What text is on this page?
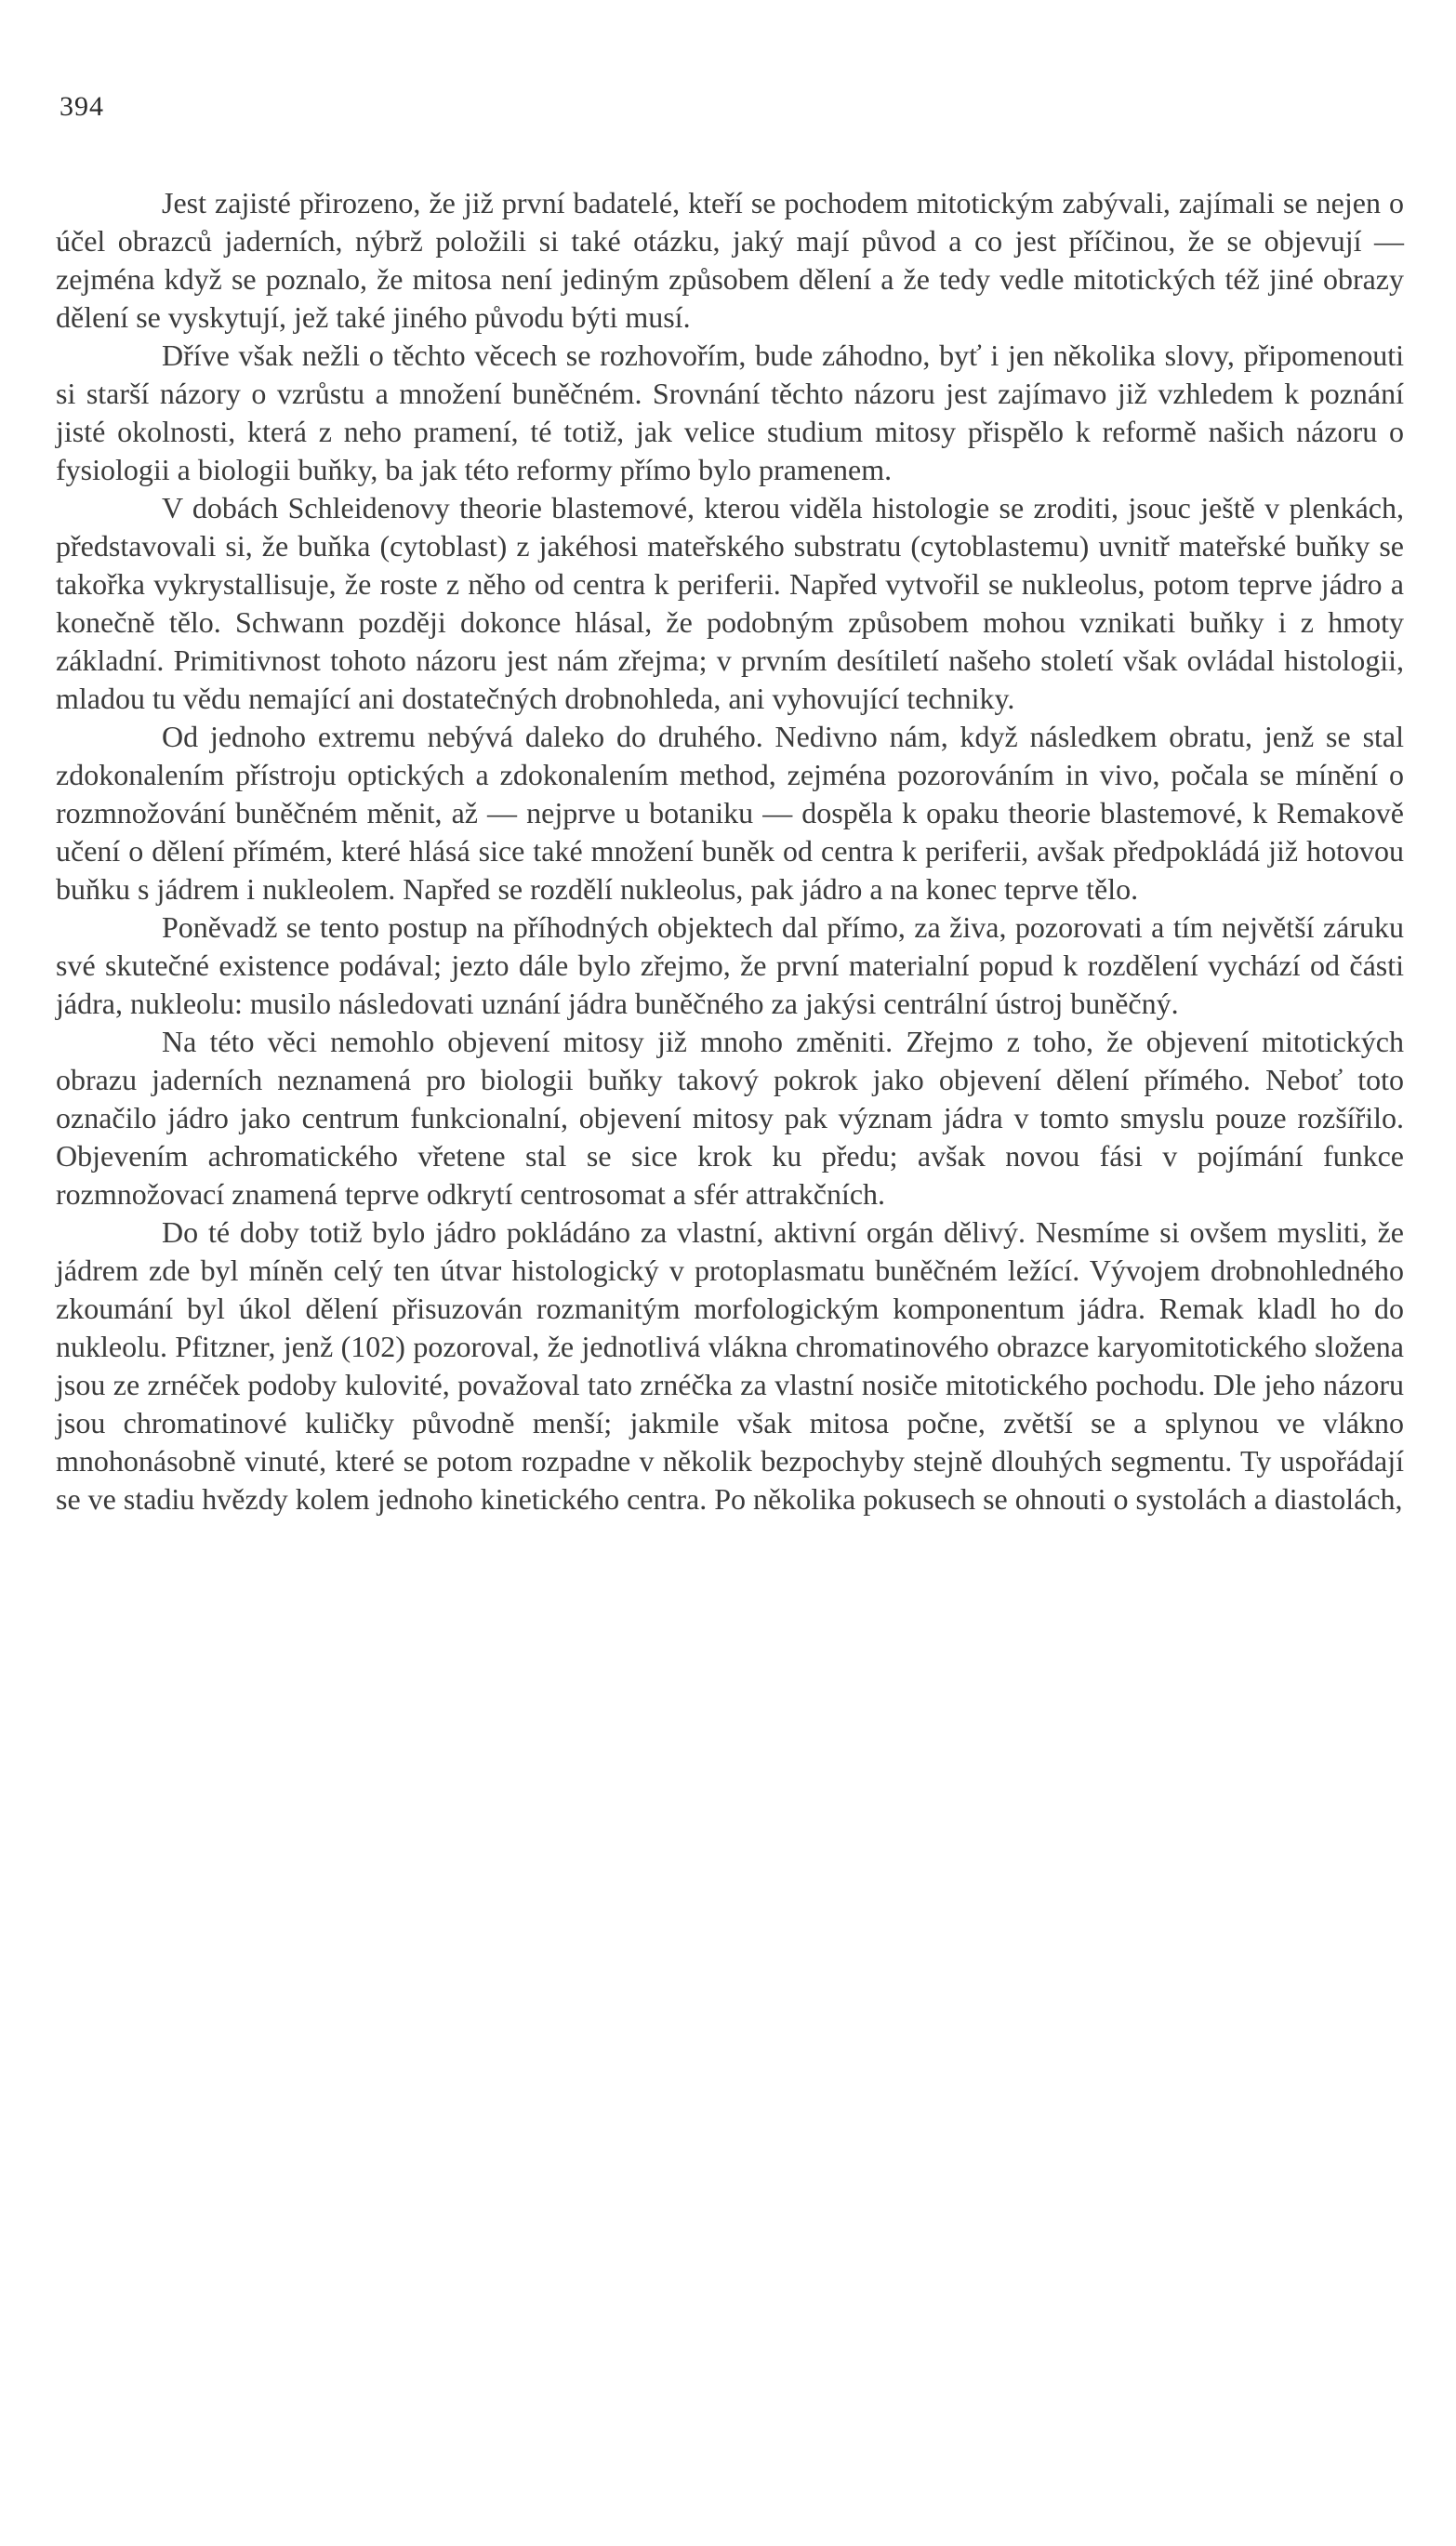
394

Jest zajisté přirozeno, že již první badatelé, kteří se pochodem mitotickým zabývali, zajímali se nejen o účel obrazců jaderních, nýbrž položili si také otázku, jaký mají původ a co jest příčinou, že se objevují — zejména když se poznalo, že mitosa není jediným způsobem dělení a že tedy vedle mitotických též jiné obrazy dělení se vyskytují, jež také jiného původu býti musí.

Dříve však nežli o těchto věcech se rozhovořím, bude záhodno, byť i jen několika slovy, připomenouti si starší názory o vzrůstu a množení buněčném. Srovnání těchto názoru jest zajímavo již vzhledem k poznání jisté okolnosti, která z neho pramení, té totiž, jak velice studium mitosy přispělo k reformě našich názoru o fysiologii a biologii buňky, ba jak této reformy přímo bylo pramenem.

V dobách Schleidenovy theorie blastemové, kterou viděla histologie se zroditi, jsouc ještě v plenkách, představovali si, že buňka (cytoblast) z jakéhosi mateřského substratu (cytoblastemu) uvnitř mateřské buňky se takořka vykrystallisuje, že roste z něho od centra k periferii. Napřed vytvořil se nukleolus, potom teprve jádro a konečně tělo. Schwann později dokonce hlásal, že podobným způsobem mohou vznikati buňky i z hmoty základní. Primitivnost tohoto názoru jest nám zřejma; v prvním desítiletí našeho století však ovládal histologii, mladou tu vědu nemající ani dostatečných drobnohleda, ani vyhovující techniky.

Od jednoho extremu nebývá daleko do druhého. Nedivno nám, když následkem obratu, jenž se stal zdokonalením přístroju optických a zdokonalením method, zejména pozorováním in vivo, počala se mínění o rozmnožování buněčném měnit, až — nejprve u botaniku — dospěla k opaku theorie blastemové, k Remakově učení o dělení přímém, které hlásá sice také množení buněk od centra k periferii, avšak předpokládá již hotovou buňku s jádrem i nukleolem. Napřed se rozdělí nukleolus, pak jádro a na konec teprve tělo.

Poněvadž se tento postup na příhodných objektech dal přímo, za živa, pozorovati a tím největší záruku své skutečné existence podával; jezto dále bylo zřejmo, že první materialní popud k rozdělení vychází od části jádra, nukleolu: musilo následovati uznání jádra buněčného za jakýsi centrální ústroj buněčný.

Na této věci nemohlo objevení mitosy již mnoho změniti. Zřejmo z toho, že objevení mitotických obrazu jaderních neznamená pro biologii buňky takový pokrok jako objevení dělení přímého. Neboť toto označilo jádro jako centrum funkcionalní, objevení mitosy pak význam jádra v tomto smyslu pouze rozšířilo. Objevením achromatického vřetene stal se sice krok ku předu; avšak novou fási v pojímání funkce rozmnožovací znamená teprve odkrytí centrosomat a sfér attrakčních.

Do té doby totiž bylo jádro pokládáno za vlastní, aktivní orgán dělivý. Nesmíme si ovšem mysliti, že jádrem zde byl míněn celý ten útvar histologický v protoplasmatu buněčném ležící. Vývojem drobnohledného zkoumání byl úkol dělení přisuzován rozmanitým morfologickým komponentum jádra. Remak kladl ho do nukleolu. Pfitzner, jenž (102) pozoroval, že jednotlivá vlákna chromatinového obrazce karyomitotického složena jsou ze zrnéček podoby kulovité, považoval tato zrnéčka za vlastní nosiče mitotického pochodu. Dle jeho názoru jsou chromatinové kuličky původně menší; jakmile však mitosa počne, zvětší se a splynou ve vlákno mnohonásobně vinuté, které se potom rozpadne v několik bezpochyby stejně dlouhých segmentu. Ty uspořádají se ve stadiu hvězdy kolem jednoho kinetického centra. Po několika pokusech se ohnouti o systolách a diastolách,
